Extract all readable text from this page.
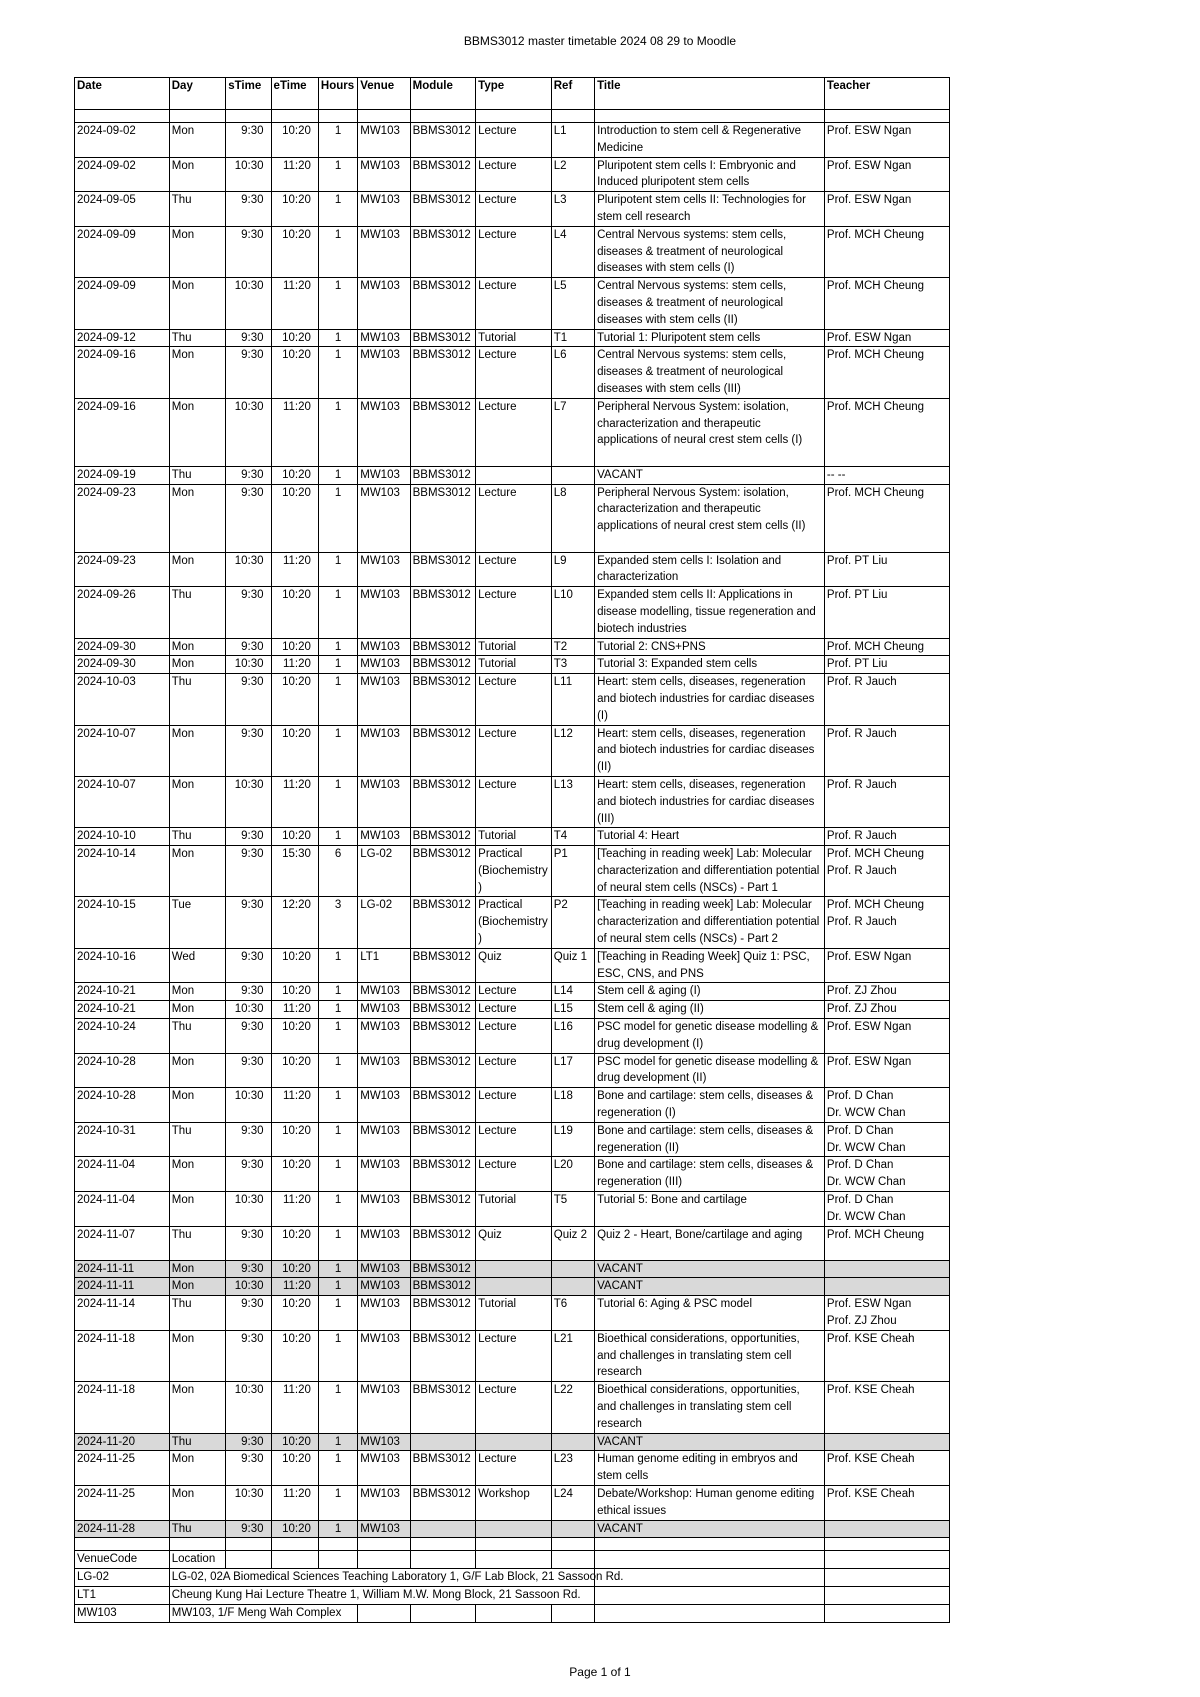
BBMS3012 master timetable 2024 08 29 to Moodle
Date	Day	sTime	eTime	Hours	Venue	Module	Type	Ref	Title	Teacher

2024-09-02	Mon	9:30	10:20	1	MW103	BBMS3012	Lecture	L1	Introduction to stem cell & Regenerative Medicine	Prof. ESW Ngan

2024-09-02	Mon	10:30	11:20	1	MW103	BBMS3012	Lecture	L2	Pluripotent stem cells I: Embryonic and Induced pluripotent stem cells	Prof. ESW Ngan

2024-09-05	Thu	9:30	10:20	1	MW103	BBMS3012	Lecture	L3	Pluripotent stem cells II: Technologies for stem cell research	Prof. ESW Ngan

2024-09-09	Mon	9:30	10:20	1	MW103	BBMS3012	Lecture	L4	Central Nervous systems: stem cells, diseases & treatment of neurological diseases with stem cells (I)	Prof. MCH Cheung

2024-09-09	Mon	10:30	11:20	1	MW103	BBMS3012	Lecture	L5	Central Nervous systems: stem cells, diseases & treatment of neurological diseases with stem cells (II)	Prof. MCH Cheung

2024-09-12	Thu	9:30	10:20	1	MW103	BBMS3012	Tutorial	T1	Tutorial 1: Pluripotent stem cells	Prof. ESW Ngan

2024-09-16	Mon	9:30	10:20	1	MW103	BBMS3012	Lecture	L6	Central Nervous systems: stem cells, diseases & treatment of neurological diseases with stem cells (III)	Prof. MCH Cheung

2024-09-16	Mon	10:30	11:20	1	MW103	BBMS3012	Lecture	L7	Peripheral Nervous System: isolation, characterization and therapeutic applications of neural crest stem cells (I)	Prof. MCH Cheung

2024-09-19	Thu	9:30	10:20	1	MW103	BBMS3012			VACANT	-- --

2024-09-23	Mon	9:30	10:20	1	MW103	BBMS3012	Lecture	L8	Peripheral Nervous System: isolation, characterization and therapeutic applications of neural crest stem cells (II)	Prof. MCH Cheung

2024-09-23	Mon	10:30	11:20	1	MW103	BBMS3012	Lecture	L9	Expanded stem cells I: Isolation and characterization	Prof. PT Liu

2024-09-26	Thu	9:30	10:20	1	MW103	BBMS3012	Lecture	L10	Expanded stem cells II: Applications in disease modelling, tissue regeneration and biotech industries	Prof. PT Liu

2024-09-30	Mon	9:30	10:20	1	MW103	BBMS3012	Tutorial	T2	Tutorial 2: CNS+PNS	Prof. MCH Cheung

2024-09-30	Mon	10:30	11:20	1	MW103	BBMS3012	Tutorial	T3	Tutorial 3: Expanded stem cells	Prof. PT Liu

2024-10-03	Thu	9:30	10:20	1	MW103	BBMS3012	Lecture	L11	Heart: stem cells, diseases, regeneration and biotech industries for cardiac diseases (I)	Prof. R Jauch

2024-10-07	Mon	9:30	10:20	1	MW103	BBMS3012	Lecture	L12	Heart: stem cells, diseases, regeneration and biotech industries for cardiac diseases (II)	Prof. R Jauch

2024-10-07	Mon	10:30	11:20	1	MW103	BBMS3012	Lecture	L13	Heart: stem cells, diseases, regeneration and biotech industries for cardiac diseases (III)	Prof. R Jauch

2024-10-10	Thu	9:30	10:20	1	MW103	BBMS3012	Tutorial	T4	Tutorial 4: Heart	Prof. R Jauch

2024-10-14	Mon	9:30	15:30	6	LG-02	BBMS3012	Practical (Biochemistry )	P1	[Teaching in reading week] Lab: Molecular characterization and differentiation potential of neural stem cells (NSCs) - Part 1	Prof. MCH Cheung
Prof. R Jauch

2024-10-15	Tue	9:30	12:20	3	LG-02	BBMS3012	Practical (Biochemistry )	P2	[Teaching in reading week] Lab: Molecular characterization and differentiation potential of neural stem cells (NSCs) - Part 2	Prof. MCH Cheung
Prof. R Jauch

2024-10-16	Wed	9:30	10:20	1	LT1	BBMS3012	Quiz	Quiz 1	[Teaching in Reading Week] Quiz 1: PSC, ESC, CNS, and PNS	Prof. ESW Ngan

2024-10-21	Mon	9:30	10:20	1	MW103	BBMS3012	Lecture	L14	Stem cell & aging (I)	Prof. ZJ Zhou

2024-10-21	Mon	10:30	11:20	1	MW103	BBMS3012	Lecture	L15	Stem cell & aging (II)	Prof. ZJ Zhou

2024-10-24	Thu	9:30	10:20	1	MW103	BBMS3012	Lecture	L16	PSC model for genetic disease modelling & drug development (I)	Prof. ESW Ngan

2024-10-28	Mon	9:30	10:20	1	MW103	BBMS3012	Lecture	L17	PSC model for genetic disease modelling & drug development (II)	Prof. ESW Ngan

2024-10-28	Mon	10:30	11:20	1	MW103	BBMS3012	Lecture	L18	Bone and cartilage: stem cells, diseases & regeneration (I)	Prof. D Chan
Dr. WCW Chan

2024-10-31	Thu	9:30	10:20	1	MW103	BBMS3012	Lecture	L19	Bone and cartilage: stem cells, diseases & regeneration (II)	Prof. D Chan
Dr. WCW Chan

2024-11-04	Mon	9:30	10:20	1	MW103	BBMS3012	Lecture	L20	Bone and cartilage: stem cells, diseases & regeneration (III)	Prof. D Chan
Dr. WCW Chan

2024-11-04	Mon	10:30	11:20	1	MW103	BBMS3012	Tutorial	T5	Tutorial 5: Bone and cartilage	Prof. D Chan
Dr. WCW Chan

2024-11-07	Thu	9:30	10:20	1	MW103	BBMS3012	Quiz	Quiz 2	Quiz 2 - Heart, Bone/cartilage and aging	Prof. MCH Cheung

2024-11-11	Mon	9:30	10:20	1	MW103	BBMS3012			VACANT	

2024-11-11	Mon	10:30	11:20	1	MW103	BBMS3012			VACANT	

2024-11-14	Thu	9:30	10:20	1	MW103	BBMS3012	Tutorial	T6	Tutorial 6: Aging & PSC model	Prof. ESW Ngan
Prof. ZJ Zhou

2024-11-18	Mon	9:30	10:20	1	MW103	BBMS3012	Lecture	L21	Bioethical considerations, opportunities, and challenges in translating stem cell research	Prof. KSE Cheah

2024-11-18	Mon	10:30	11:20	1	MW103	BBMS3012	Lecture	L22	Bioethical considerations, opportunities, and challenges in translating stem cell research	Prof. KSE Cheah

2024-11-20	Thu	9:30	10:20	1	MW103				VACANT	

2024-11-25	Mon	9:30	10:20	1	MW103	BBMS3012	Lecture	L23	Human genome editing in embryos and stem cells	Prof. KSE Cheah

2024-11-25	Mon	10:30	11:20	1	MW103	BBMS3012	Workshop	L24	Debate/Workshop: Human genome editing ethical issues	Prof. KSE Cheah

2024-11-28	Thu	9:30	10:20	1	MW103				VACANT	

VenueCode	Location									
LG-02	LG-02, 02A Biomedical Sciences Teaching Laboratory 1, G/F Lab Block, 21 Sassoon Rd.									
LT1	Cheung Kung Hai Lecture Theatre 1, William M.W. Mong Block, 21 Sassoon Rd.									
MW103	MW103, 1/F Meng Wah Complex									
Page 1 of 1
